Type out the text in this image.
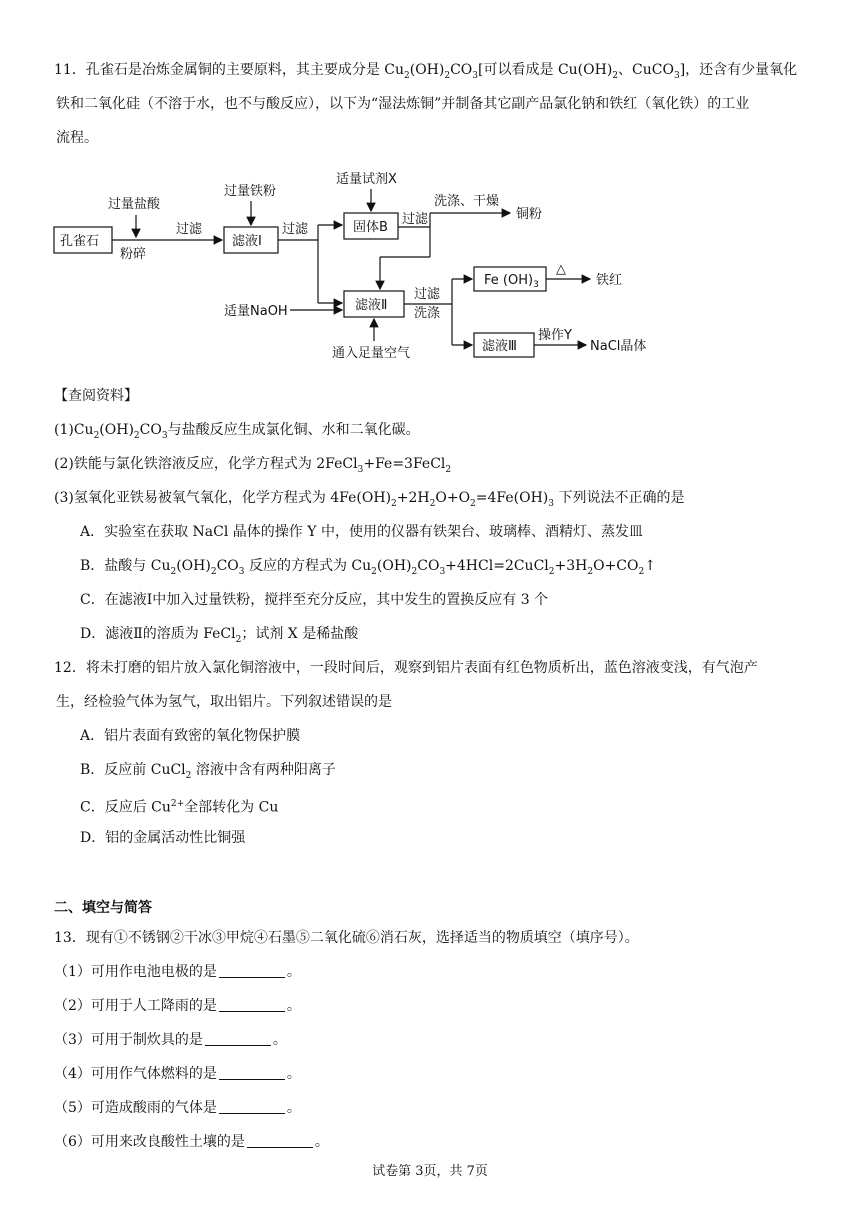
11．孔雀石是冶炼金属铜的主要原料，其主要成分是 $Cu_2(OH)_2CO_3$[可以看成是 $Cu(OH)_2$、CuCO$_3$]，还含有少量氧化
铁和二氧化硅（不溶于水，也不与酸反应），以下为“湿法炼铜”并制备其它副产品氯化钠和铁红（氧化铁）的工业
流程。
孔雀石
过量盐酸
粉碎
过滤
滤液Ⅰ
过量铁粉
过滤	固体B
适量试剂X
过滤
洗涤、干燥
铜粉
滤液Ⅱ
适量NaOH
通入足量空气
过滤
洗涤
Fe $(OH)_3$
△
铁红
滤液Ⅲ
操作Y
NaCl晶体
【查阅资料】
$(1)Cu_2(OH)_2CO_3$与盐酸反应生成氯化铜、水和二氧化碳。
(2)铁能与氯化铁溶液反应，化学方程式为 2FeCl$_3$+Fe=3FeCl$_2$
(3)氢氧化亚铁易被氧气氧化，化学方程式为 $4Fe(OH)_2+2H_2O+O_2=4Fe(OH)_3$ 下列说法不正确的是
A．实验室在获取 NaCl 晶体的操作 Y 中，使用的仪器有铁架台、玻璃棒、酒精灯、蒸发皿
B．盐酸与 $Cu_2(OH)_2CO_3$ 反应的方程式为 $Cu_2(OH)_2CO_3+4HCl=2CuCl_2+3H_2O+CO_2↑$
C．在滤液Ⅰ中加入过量铁粉，搅拌至充分反应，其中发生的置换反应有 3 个
D．滤液Ⅱ的溶质为 FeCl$_2$；试剂 X 是稀盐酸
12．将未打磨的铝片放入氯化铜溶液中，一段时间后，观察到铝片表面有红色物质析出，蓝色溶液变浅，有气泡产
生，经检验气体为氢气，取出铝片。下列叙述错误的是
A．铝片表面有致密的氧化物保护膜
B．反应前 CuCl$_2$ 溶液中含有两种阳离子
C．反应后 $Cu^{2+}$全部转化为 Cu
D．铝的金属活动性比铜强
二、填空与简答
13．现有①不锈钢②干冰③甲烷④石墨⑤二氧化硫⑥消石灰，选择适当的物质填空（填序号）。
（1）可用作电池电极的是	。
（2）可用于人工降雨的是	。
（3）可用于制炊具的是	。
（4）可用作气体燃料的是	。
（5）可造成酸雨的气体是	。
（6）可用来改良酸性土壤的是	。
试卷第 3页，共 7页
